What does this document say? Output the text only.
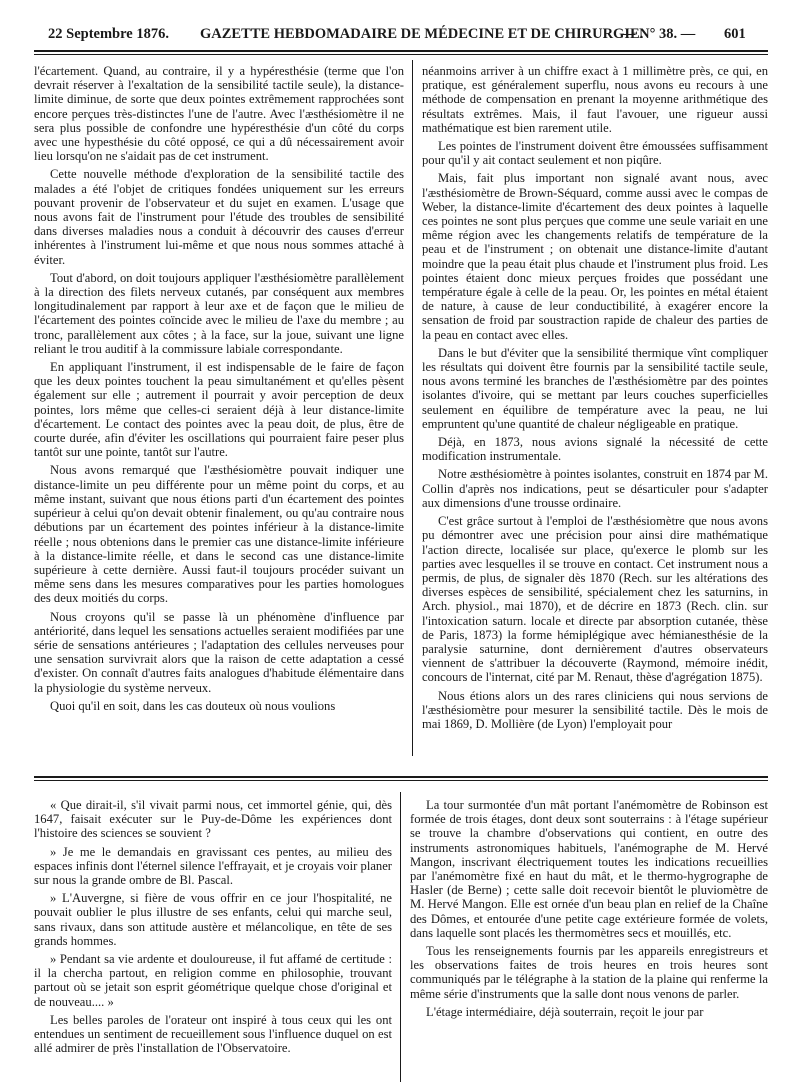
22 Septembre 1876. GAZETTE HEBDOMADAIRE DE MÉDECINE ET DE CHIRURGIE.
— N° 38. — 601

l'écartement. Quand, au contraire, il y a hypéresthésie (terme que l'on devrait réserver à l'exaltation de la sensibilité tactile seule), la distance-limite diminue, de sorte que deux pointes extrêmement rapprochées sont encore perçues très-distinctes l'une de l'autre. Avec l'æsthésiomètre il ne sera plus possible de confondre une hypéresthésie d'un côté du corps avec une hypesthésie du côté opposé, ce qui a dû nécessairement avoir lieu lorsqu'on ne s'aidait pas de cet instrument.

Cette nouvelle méthode d'exploration de la sensibilité tactile des malades a été l'objet de critiques fondées uniquement sur les erreurs pouvant provenir de l'observateur et du sujet en examen. L'usage que nous avons fait de l'instrument pour l'étude des troubles de sensibilité dans diverses maladies nous a conduit à découvrir des causes d'erreur inhérentes à l'instrument lui-même et que nous nous sommes attaché à éviter.

Tout d'abord, on doit toujours appliquer l'æsthésiomètre parallèlement à la direction des filets nerveux cutanés, par conséquent aux membres longitudinalement par rapport à leur axe et de façon que le milieu de l'écartement des pointes coïncide avec le milieu de l'axe du membre ; au tronc, parallèlement aux côtes ; à la face, sur la joue, suivant une ligne reliant le trou auditif à la commissure labiale correspondante.

En appliquant l'instrument, il est indispensable de le faire de façon que les deux pointes touchent la peau simultanément et qu'elles pèsent également sur elle ; autrement il pourrait y avoir perception de deux pointes, lors même que celles-ci seraient déjà à leur distance-limite d'écartement. Le contact des pointes avec la peau doit, de plus, être de courte durée, afin d'éviter les oscillations qui pourraient faire peser plus tantôt sur une pointe, tantôt sur l'autre.

Nous avons remarqué que l'æsthésiomètre pouvait indiquer une distance-limite un peu différente pour un même point du corps, et au même instant, suivant que nous étions parti d'un écartement des pointes supérieur à celui qu'on devait obtenir finalement, ou qu'au contraire nous débutions par un écartement des pointes inférieur à la distance-limite réelle ; nous obtenions dans le premier cas une distance-limite inférieure à la distance-limite réelle, et dans le second cas une distance-limite supérieure à cette dernière. Aussi faut-il toujours procéder suivant un même sens dans les mesures comparatives pour les parties homologues des deux moitiés du corps.

Nous croyons qu'il se passe là un phénomène d'influence par antériorité, dans lequel les sensations actuelles seraient modifiées par une série de sensations antérieures ; l'adaptation des cellules nerveuses pour une sensation survivrait alors que la raison de cette adaptation a cessé d'exister. On connaît d'autres faits analogues d'habitude élémentaire dans la physiologie du système nerveux.

Quoi qu'il en soit, dans les cas douteux où nous voulions

néanmoins arriver à un chiffre exact à 1 millimètre près, ce qui, en pratique, est généralement superflu, nous avons eu recours à une méthode de compensation en prenant la moyenne arithmétique des résultats extrêmes. Mais, il faut l'avouer, une rigueur aussi mathématique est bien rarement utile.

Les pointes de l'instrument doivent être émoussées suffisamment pour qu'il y ait contact seulement et non piqûre.

Mais, fait plus important non signalé avant nous, avec l'æsthésiomètre de Brown-Séquard, comme aussi avec le compas de Weber, la distance-limite d'écartement des deux pointes à laquelle ces pointes ne sont plus perçues que comme une seule variait en une même région avec les changements relatifs de température de la peau et de l'instrument ; on obtenait une distance-limite d'autant moindre que la peau était plus chaude et l'instrument plus froid. Les pointes étaient donc mieux perçues froides que possédant une température égale à celle de la peau. Or, les pointes en métal étaient de nature, à cause de leur conductibilité, à exagérer encore la sensation de froid par soustraction rapide de chaleur des parties de la peau en contact avec elles.

Dans le but d'éviter que la sensibilité thermique vînt compliquer les résultats qui doivent être fournis par la sensibilité tactile seule, nous avons terminé les branches de l'æsthésiomètre par des pointes isolantes d'ivoire, qui se mettant par leurs couches superficielles seulement en équilibre de température avec la peau, ne lui empruntent qu'une quantité de chaleur négligeable en pratique.

Déjà, en 1873, nous avions signalé la nécessité de cette modification instrumentale.

Notre æsthésiomètre à pointes isolantes, construit en 1874 par M. Collin d'après nos indications, peut se désarticuler pour s'adapter aux dimensions d'une trousse ordinaire.

C'est grâce surtout à l'emploi de l'æsthésiomètre que nous avons pu démontrer avec une précision pour ainsi dire mathématique l'action directe, localisée sur place, qu'exerce le plomb sur les parties avec lesquelles il se trouve en contact. Cet instrument nous a permis, de plus, de signaler dès 1870 (Rech. sur les altérations des diverses espèces de sensibilité, spécialement chez les saturnins, in Arch. physiol., mai 1870), et de décrire en 1873 (Rech. clin. sur l'intoxication saturn. locale et directe par absorption cutanée, thèse de Paris, 1873) la forme hémiplégique avec hémianesthésie de la paralysie saturnine, dont dernièrement d'autres observateurs viennent de s'attribuer la découverte (Raymond, mémoire inédit, concours de l'internat, cité par M. Renaut, thèse d'agrégation 1875).

Nous étions alors un des rares cliniciens qui nous servions de l'æsthésiomètre pour mesurer la sensibilité tactile. Dès le mois de mai 1869, D. Mollière (de Lyon) l'employait pour

« Que dirait-il, s'il vivait parmi nous, cet immortel génie, qui, dès 1647, faisait exécuter sur le Puy-de-Dôme les expériences dont l'histoire des sciences se souvient ?

» Je me le demandais en gravissant ces pentes, au milieu des espaces infinis dont l'éternel silence l'effrayait, et je croyais voir planer sur nous la grande ombre de Bl. Pascal.

» L'Auvergne, si fière de vous offrir en ce jour l'hospitalité, ne pouvait oublier le plus illustre de ses enfants, celui qui marche seul, sans rivaux, dans son attitude austère et mélancolique, en tête de ses grands hommes.

» Pendant sa vie ardente et douloureuse, il fut affamé de certitude : il la chercha partout, en religion comme en philosophie, trouvant partout où se jetait son esprit géométrique quelque chose d'original et de nouveau.... »

Les belles paroles de l'orateur ont inspiré à tous ceux qui les ont entendues un sentiment de recueillement sous l'influence duquel on est allé admirer de près l'installation de l'Observatoire.

La tour surmontée d'un mât portant l'anémomètre de Robinson est formée de trois étages, dont deux sont souterrains : à l'étage supérieur se trouve la chambre d'observations qui contient, en outre des instruments astronomiques habituels, l'anémographe de M. Hervé Mangon, inscrivant électriquement toutes les indications recueillies par l'anémomètre fixé en haut du mât, et le thermo-hygrographe de Hasler (de Berne) ; cette salle doit recevoir bientôt le pluviomètre de M. Hervé Mangon. Elle est ornée d'un beau plan en relief de la Chaîne des Dômes, et entourée d'une petite cage extérieure formée de volets, dans laquelle sont placés les thermomètres secs et mouillés, etc.

Tous les renseignements fournis par les appareils enregistreurs et les observations faites de trois heures en trois heures sont communiqués par le télégraphe à la station de la plaine qui renferme la même série d'instruments que la salle dont nous venons de parler.

L'étage intermédiaire, déjà souterrain, reçoit le jour par
